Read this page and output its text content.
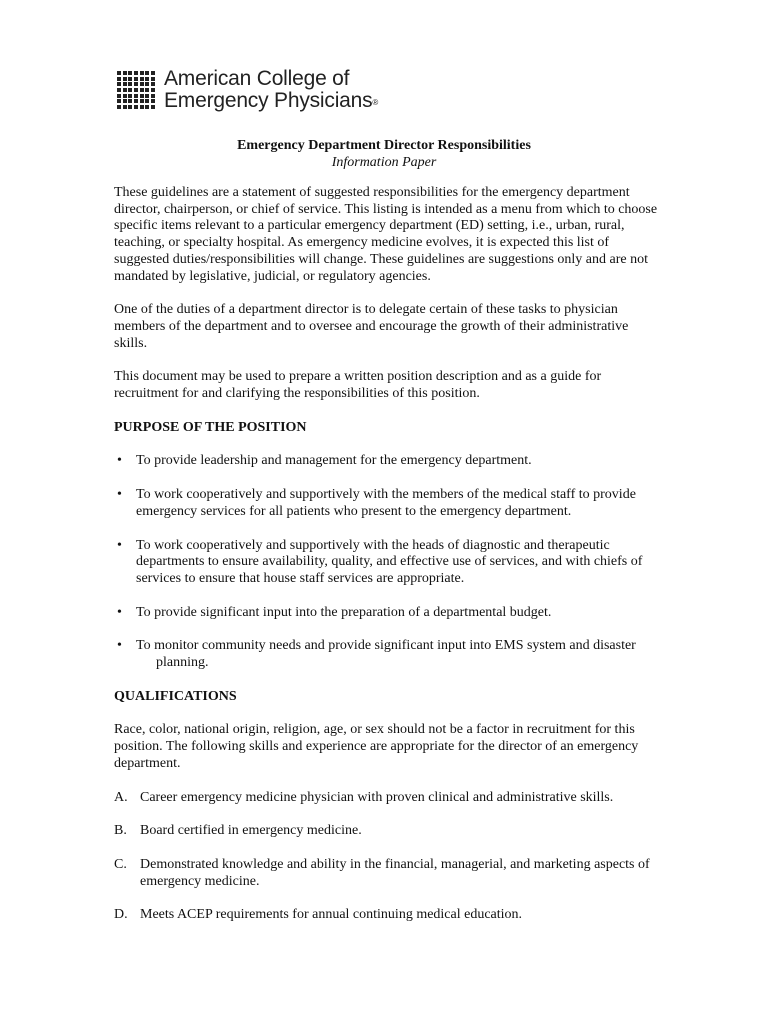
American College of
Emergency Physicians®
Emergency Department Director Responsibilities
Information Paper

These guidelines are a statement of suggested responsibilities for the emergency department director, chairperson, or chief of service. This listing is intended as a menu from which to choose specific items relevant to a particular emergency department (ED) setting, i.e., urban, rural, teaching, or specialty hospital. As emergency medicine evolves, it is expected this list of suggested duties/responsibilities will change. These guidelines are suggestions only and are not mandated by legislative, judicial, or regulatory agencies.

One of the duties of a department director is to delegate certain of these tasks to physician members of the department and to oversee and encourage the growth of their administrative skills.

This document may be used to prepare a written position description and as a guide for recruitment for and clarifying the responsibilities of this position.

PURPOSE OF THE POSITION
• To provide leadership and management for the emergency department.
• To work cooperatively and supportively with the members of the medical staff to provide emergency services for all patients who present to the emergency department.
• To work cooperatively and supportively with the heads of diagnostic and therapeutic departments to ensure availability, quality, and effective use of services, and with chiefs of services to ensure that house staff services are appropriate.
• To provide significant input into the preparation of a departmental budget.
• To monitor community needs and provide significant input into EMS system and disaster
planning.
QUALIFICATIONS

Race, color, national origin, religion, age, or sex should not be a factor in recruitment for this position. The following skills and experience are appropriate for the director of an emergency department.

A. Career emergency medicine physician with proven clinical and administrative skills.
B. Board certified in emergency medicine.
C. Demonstrated knowledge and ability in the financial, managerial, and marketing aspects of emergency medicine.
D. Meets ACEP requirements for annual continuing medical education.
